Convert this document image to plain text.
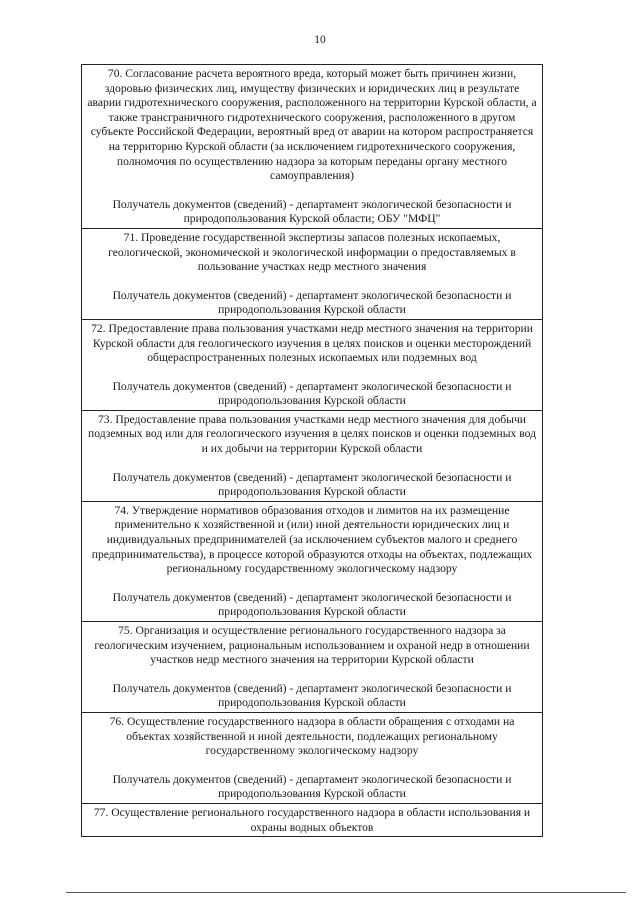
10
70. Согласование расчета вероятного вреда, который может быть причинен жизни, здоровью физических лиц, имуществу физических и юридических лиц в результате аварии гидротехнического сооружения, расположенного на территории Курской области, а также трансграничного гидротехнического сооружения, расположенного в другом субъекте Российской Федерации, вероятный вред от аварии на котором распространяется на территорию Курской области (за исключением гидротехнического сооружения, полномочия по осуществлению надзора за которым переданы органу местного самоуправления)
Получатель документов (сведений) - департамент экологической безопасности и природопользования Курской области; ОБУ "МФЦ"
71. Проведение государственной экспертизы запасов полезных ископаемых, геологической, экономической и экологической информации о предоставляемых в пользование участках недр местного значения
Получатель документов (сведений) - департамент экологической безопасности и природопользования Курской области
72. Предоставление права пользования участками недр местного значения на территории Курской области для геологического изучения в целях поисков и оценки месторождений общераспространенных полезных ископаемых или подземных вод
Получатель документов (сведений) - департамент экологической безопасности и природопользования Курской области
73. Предоставление права пользования участками недр местного значения для добычи подземных вод или для геологического изучения в целях поисков и оценки подземных вод и их добычи на территории Курской области
Получатель документов (сведений) - департамент экологической безопасности и природопользования Курской области
74. Утверждение нормативов образования отходов и лимитов на их размещение применительно к хозяйственной и (или) иной деятельности юридических лиц и индивидуальных предпринимателей (за исключением субъектов малого и среднего предпринимательства), в процессе которой образуются отходы на объектах, подлежащих региональному государственному экологическому надзору
Получатель документов (сведений) - департамент экологической безопасности и природопользования Курской области
75. Организация и осуществление регионального государственного надзора за геологическим изучением, рациональным использованием и охраной недр в отношении участков недр местного значения на территории Курской области
Получатель документов (сведений) - департамент экологической безопасности и природопользования Курской области
76. Осуществление государственного надзора в области обращения с отходами на объектах хозяйственной и иной деятельности, подлежащих региональному государственному экологическому надзору
Получатель документов (сведений) - департамент экологической безопасности и природопользования Курской области
77. Осуществление регионального государственного надзора в области использования и охраны водных объектов
